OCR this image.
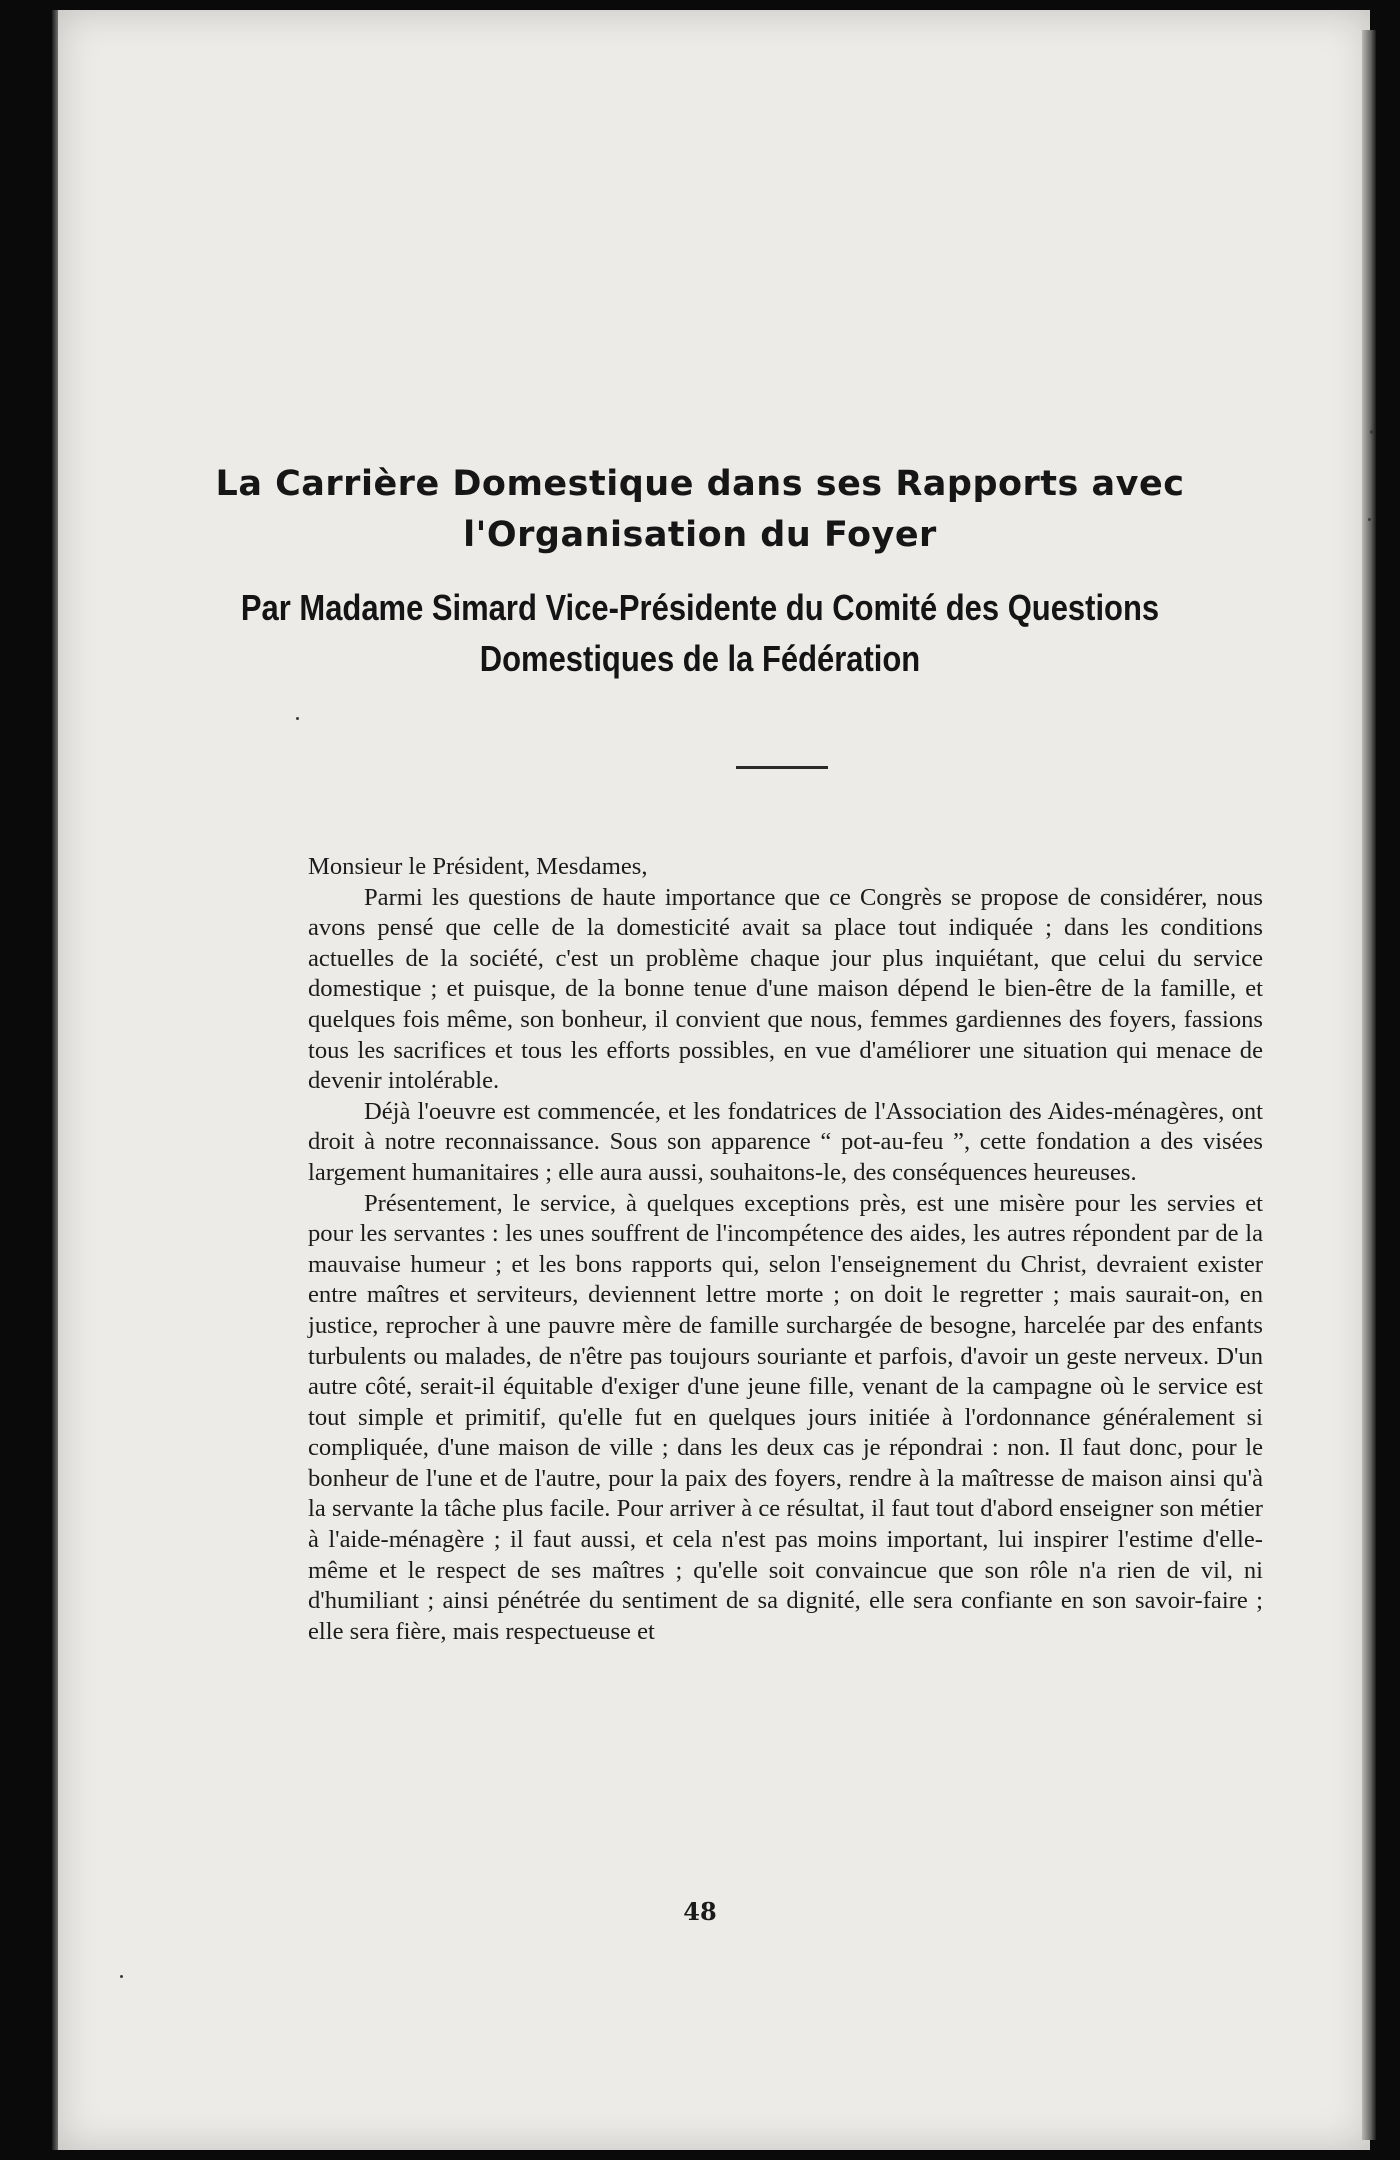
La Carrière Domestique dans ses Rapports avec
l'Organisation du Foyer
Par Madame Simard Vice-Présidente du Comité des Questions
Domestiques de la Fédération

Monsieur le Président, Mesdames,

Parmi les questions de haute importance que ce Congrès se propose de considérer, nous avons pensé que celle de la domesticité avait sa place tout indiquée ; dans les conditions actuelles de la société, c'est un problème chaque jour plus inquiétant, que celui du service domestique ; et puisque, de la bonne tenue d'une maison dépend le bien-être de la famille, et quelques fois même, son bonheur, il convient que nous, femmes gardiennes des foyers, fassions tous les sacrifices et tous les efforts possibles, en vue d'améliorer une situation qui menace de devenir intolérable.

Déjà l'oeuvre est commencée, et les fondatrices de l'Association des Aides-ménagères, ont droit à notre reconnaissance. Sous son apparence “ pot-au-feu ”, cette fondation a des visées largement humanitaires ; elle aura aussi, souhaitons-le, des conséquences heureuses.

Présentement, le service, à quelques exceptions près, est une misère pour les servies et pour les servantes : les unes souffrent de l'incompétence des aides, les autres répondent par de la mauvaise humeur ; et les bons rapports qui, selon l'enseignement du Christ, devraient exister entre maîtres et serviteurs, deviennent lettre morte ; on doit le regretter ; mais saurait-on, en justice, reprocher à une pauvre mère de famille surchargée de besogne, harcelée par des enfants turbulents ou malades, de n'être pas toujours souriante et parfois, d'avoir un geste nerveux. D'un autre côté, serait-il équitable d'exiger d'une jeune fille, venant de la campagne où le service est tout simple et primitif, qu'elle fut en quelques jours initiée à l'ordonnance généralement si compliquée, d'une maison de ville ; dans les deux cas je répondrai : non. Il faut donc, pour le bonheur de l'une et de l'autre, pour la paix des foyers, rendre à la maîtresse de maison ainsi qu'à la servante la tâche plus facile. Pour arriver à ce résultat, il faut tout d'abord enseigner son métier à l'aide-ménagère ; il faut aussi, et cela n'est pas moins important, lui inspirer l'estime d'elle-même et le respect de ses maîtres ; qu'elle soit convaincue que son rôle n'a rien de vil, ni d'humiliant ; ainsi pénétrée du sentiment de sa dignité, elle sera confiante en son savoir-faire ; elle sera fière, mais respectueuse et

48
